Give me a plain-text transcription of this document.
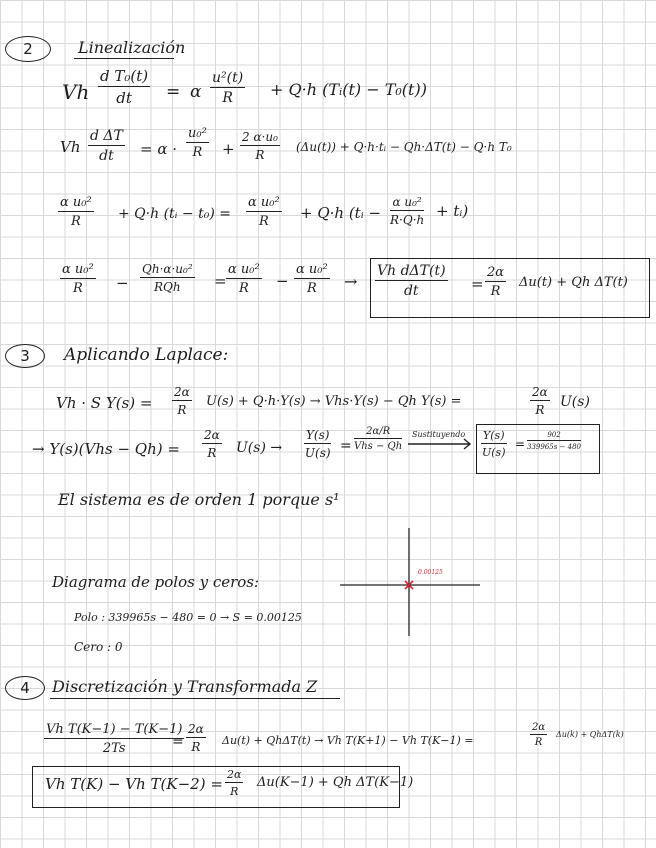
2	Linealización
Vh
d T₀(t)
dt = α
u²(t)
R + Q·h (Tᵢ(t) − T₀(t))
Vh
d ΔT
dt = α ·
u₀²
R +
2 α·u₀
R
(Δu(t)) + Q·h·tᵢ − Qh·ΔT(t) − Q·h T₀
α u₀²
R	+ Q·h (tᵢ − t₀) =
α u₀²
R + Q·h (tᵢ −
α u₀²
R·Q·h + tᵢ)
α u₀²
R −
Qh·α·u₀²
RQh =
α u₀²
R −
α u₀²
R →
Vh dΔT(t)
dt	=
2α
R
Δu(t) + Qh ΔT(t)
3 Aplicando Laplace:
Vh · S Y(s) =
2α
R
U(s) + Q·h·Y(s) → Vhs·Y(s) − Qh Y(s) =
2α
R U(s)
→ Y(s)(Vhs − Qh) =
2α
R U(s) →
Y(s)
U(s) =
2α/R
Vhs − Qh
Sustituyendo Y(s)
U(s)
=
902
339965s − 480
El sistema es de orden 1 porque s¹
Diagrama de polos y ceros:
Polo : 339965s − 480 = 0 → S = 0.00125
Cero : 0
0.00125
4 Discretización y Transformada Z
Vh T(K−1) − T(K−1)
2Ts	=
2α
R Δu(t) + QhΔT(t) → Vh T(K+1) − Vh T(K−1) =
2α
R
Δu(k) + QhΔT(k)
Vh T(K) − Vh T(K−2) =
2α
R
Δu(K−1) + Qh ΔT(K−1)
